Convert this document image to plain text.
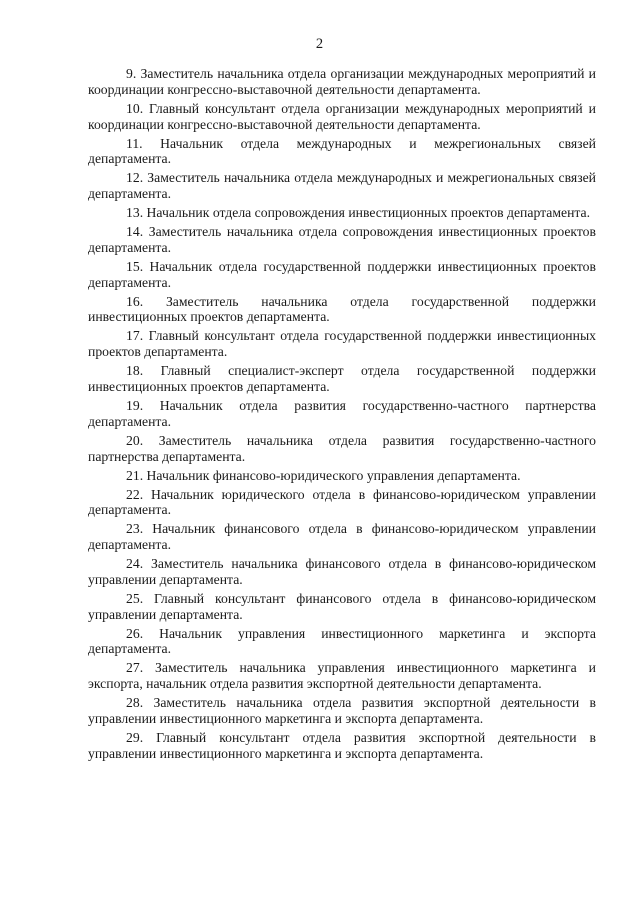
2

9. Заместитель начальника отдела организации международных мероприятий и координации конгрессно-выставочной деятельности департамента.

10. Главный консультант отдела организации международных мероприятий и координации конгрессно-выставочной деятельности департамента.

11. Начальник отдела международных и межрегиональных связей департамента.

12. Заместитель начальника отдела международных и межрегиональных связей департамента.

13. Начальник отдела сопровождения инвестиционных проектов департамента.

14. Заместитель начальника отдела сопровождения инвестиционных проектов департамента.

15. Начальник отдела государственной поддержки инвестиционных проектов департамента.

16. Заместитель начальника отдела государственной поддержки инвестиционных проектов департамента.

17. Главный консультант отдела государственной поддержки инвестиционных проектов департамента.

18. Главный специалист-эксперт отдела государственной поддержки инвестиционных проектов департамента.

19. Начальник отдела развития государственно-частного партнерства департамента.

20. Заместитель начальника отдела развития государственно-частного партнерства департамента.

21. Начальник финансово-юридического управления департамента.

22. Начальник юридического отдела в финансово-юридическом управлении департамента.

23. Начальник финансового отдела в финансово-юридическом управлении департамента.

24. Заместитель начальника финансового отдела в финансово-юридическом управлении департамента.

25. Главный консультант финансового отдела в финансово-юридическом управлении департамента.

26. Начальник управления инвестиционного маркетинга и экспорта департамента.

27. Заместитель начальника управления инвестиционного маркетинга и экспорта, начальник отдела развития экспортной деятельности департамента.

28. Заместитель начальника отдела развития экспортной деятельности в управлении инвестиционного маркетинга и экспорта департамента.

29. Главный консультант отдела развития экспортной деятельности в управлении инвестиционного маркетинга и экспорта департамента.
